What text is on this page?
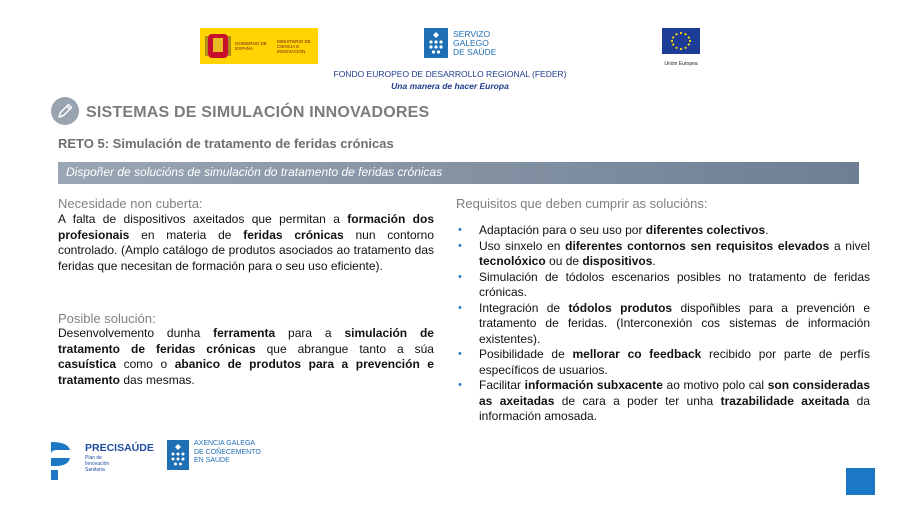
GOBIERNO DE ESPAÑA
MINISTERIO DE CIENCIA E INNOVACIÓN
SERVIZO
GALEGO
DE SAÚDE
Unión Europea
FONDO EUROPEO DE DESARROLLO REGIONAL (FEDER)
Una manera de hacer Europa
SISTEMAS DE SIMULACIÓN INNOVADORES
RETO 5: Simulación de tratamento de feridas crónicas
Dispoñer de solucións de simulación do tratamento de feridas crónicas
Necesidade non cuberta:
A falta de dispositivos axeitados que permitan a formación dos profesionais en materia de feridas crónicas nun contorno controlado. (Amplo catálogo de produtos asociados ao tratamento das feridas que necesitan de formación para o seu uso eficiente).
Posible solución:
Desenvolvemento dunha ferramenta para a simulación de tratamento de feridas crónicas que abrangue tanto a súa casuística como o abanico de produtos para a prevención e tratamento das mesmas.
Requisitos que deben cumprir as solucións:
• Adaptación para o seu uso por diferentes colectivos.
• Uso sinxelo en diferentes contornos sen requisitos elevados a nivel tecnolóxico ou de dispositivos.
• Simulación de tódolos escenarios posibles no tratamento de feridas crónicas.
• Integración de tódolos produtos dispoñibles para a prevención e tratamento de feridas. (Interconexión cos sistemas de información existentes).
• Posibilidade de mellorar co feedback recibido por parte de perfís específicos de usuarios.
• Facilitar información subxacente ao motivo polo cal son consideradas as axeitadas de cara a poder ter unha trazabilidade axeitada da información amosada.
PRECISAÚDE
Plan de
Innovación
Sanitaria
AXENCIA GALEGA
DE COÑECEMENTO
EN SAÚDE
